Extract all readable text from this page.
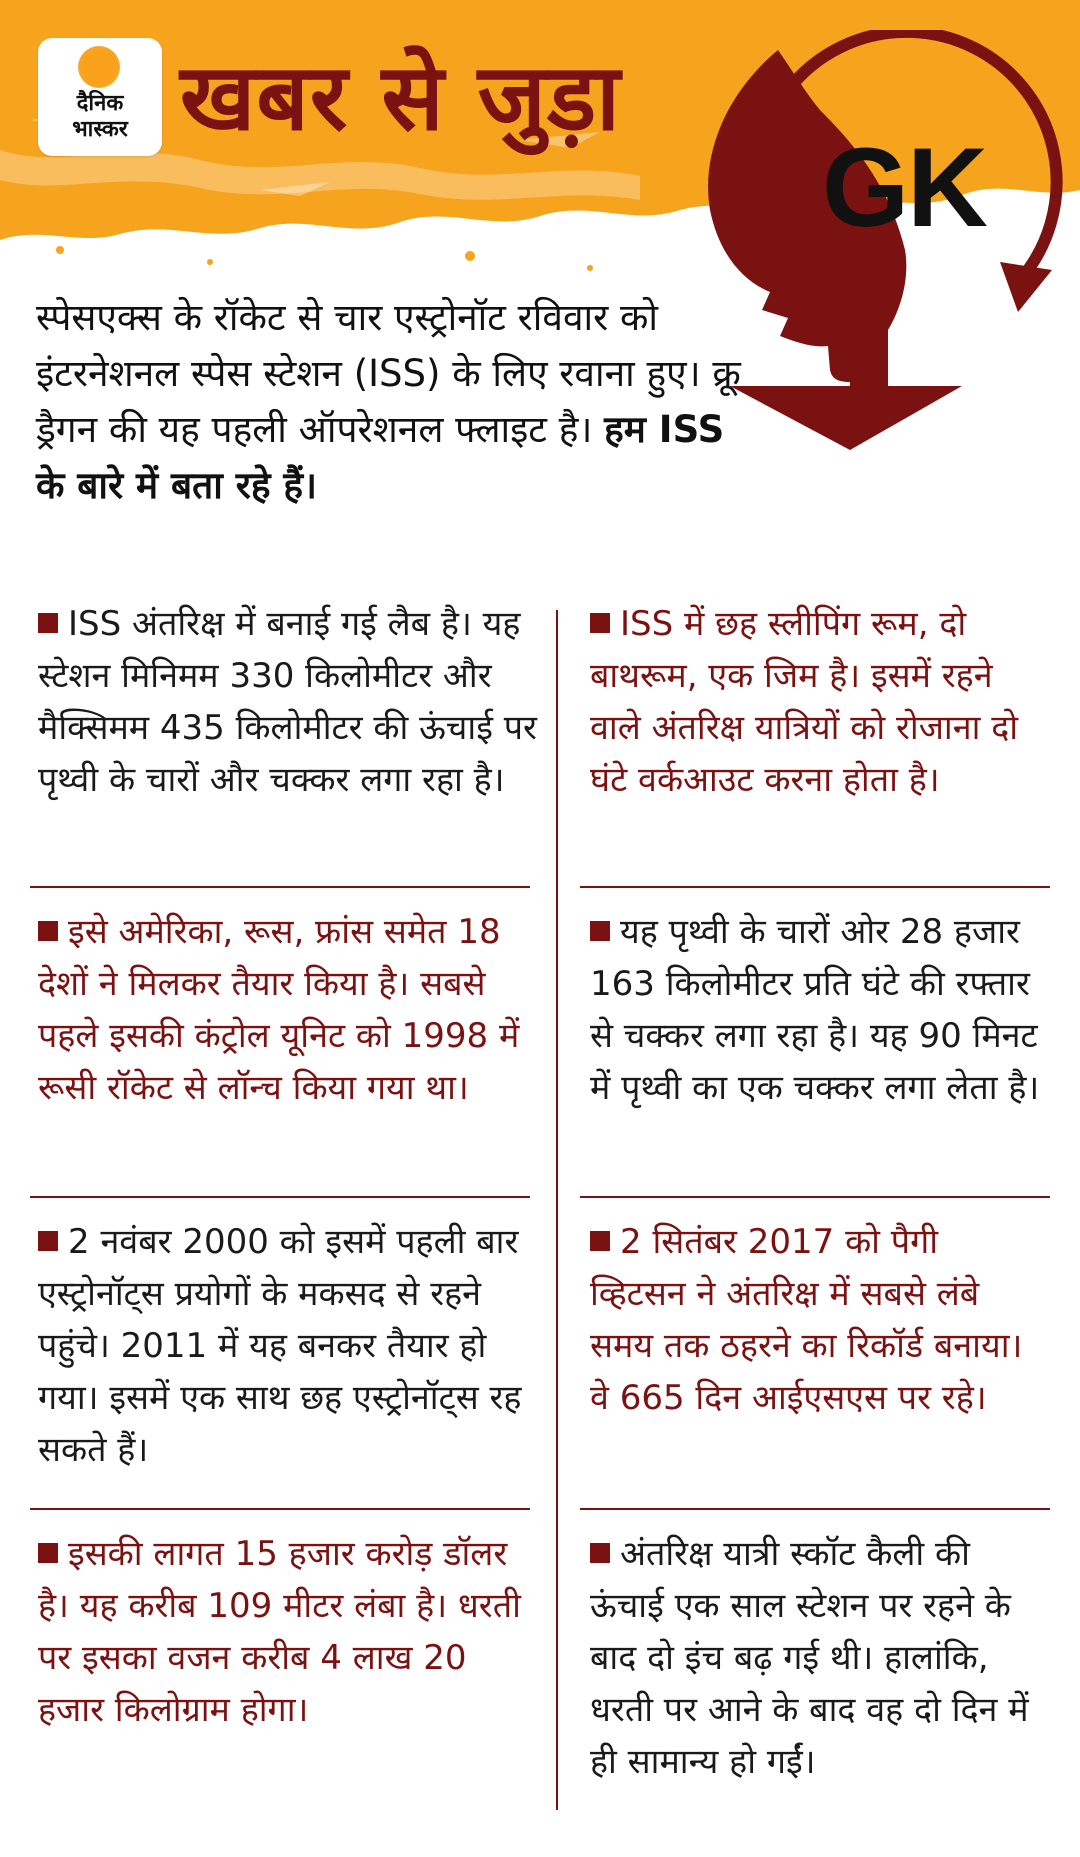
दैनिक
भास्कर खबर से जुड़ा
GK
स्पेसएक्स के रॉकेट से चार एस्ट्रोनॉट रविवार को इंटरनेशनल स्पेस स्टेशन (ISS) के लिए रवाना हुए। क्रू ड्रैगन की यह पहली ऑपरेशनल फ्लाइट है। हम ISS के बारे में बता रहे हैं।
ISS अंतरिक्ष में बनाई गई लैब है। यह स्टेशन मिनिमम 330 किलोमीटर और मैक्सिमम 435 किलोमीटर की ऊंचाई पर पृथ्वी के चारों और चक्कर लगा रहा है।
इसे अमेरिका, रूस, फ्रांस समेत 18 देशों ने मिलकर तैयार किया है। सबसे पहले इसकी कंट्रोल यूनिट को 1998 में रूसी रॉकेट से लॉन्च किया गया था।
2 नवंबर 2000 को इसमें पहली बार एस्ट्रोनॉट्स प्रयोगों के मकसद से रहने पहुंचे। 2011 में यह बनकर तैयार हो गया। इसमें एक साथ छह एस्ट्रोनॉट्स रह सकते हैं।
इसकी लागत 15 हजार करोड़ डॉलर है। यह करीब 109 मीटर लंबा है। धरती पर इसका वजन करीब 4 लाख 20 हजार किलोग्राम होगा।
ISS में छह स्लीपिंग रूम, दो बाथरूम, एक जिम है। इसमें रहने वाले अंतरिक्ष यात्रियों को रोजाना दो घंटे वर्कआउट करना होता है।
यह पृथ्वी के चारों ओर 28 हजार 163 किलोमीटर प्रति घंटे की रफ्तार से चक्कर लगा रहा है। यह 90 मिनट में पृथ्वी का एक चक्कर लगा लेता है।
2 सितंबर 2017 को पैगी व्हिटसन ने अंतरिक्ष में सबसे लंबे समय तक ठहरने का रिकॉर्ड बनाया। वे 665 दिन आईएसएस पर रहे।
अंतरिक्ष यात्री स्कॉट कैली की ऊंचाई एक साल स्टेशन पर रहने के बाद दो इंच बढ़ गई थी। हालांकि, धरती पर आने के बाद वह दो दिन में ही सामान्य हो गईं।
